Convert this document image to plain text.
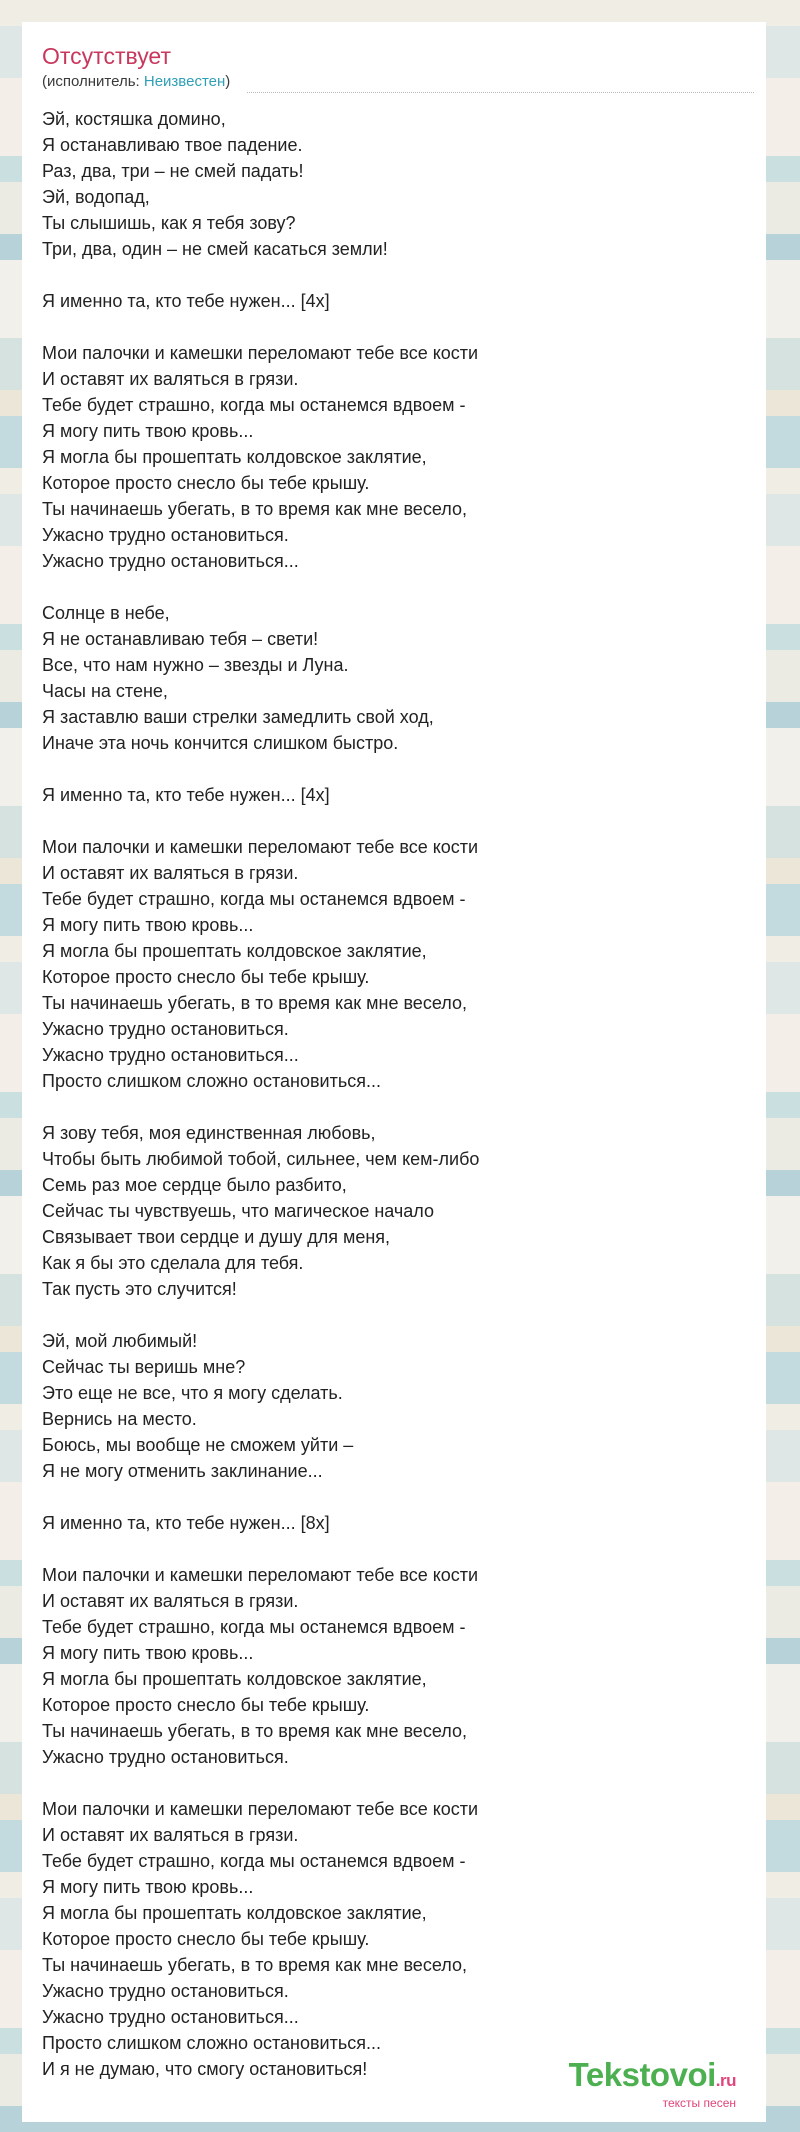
Отсутствует
(исполнитель: Неизвестен)
Эй, костяшка домино,
Я останавливаю твое падение.
Раз, два, три – не смей падать!
Эй, водопад,
Ты слышишь, как я тебя зову?
Три, два, один – не смей касаться земли!
Я именно та, кто тебе нужен... [4x]
Мои палочки и камешки переломают тебе все кости
И оставят их валяться в грязи.
Тебе будет страшно, когда мы останемся вдвоем -
Я могу пить твою кровь...
Я могла бы прошептать колдовское заклятие,
Которое просто снесло бы тебе крышу.
Ты начинаешь убегать, в то время как мне весело,
Ужасно трудно остановиться.
Ужасно трудно остановиться...
Солнце в небе,
Я не останавливаю тебя – свети!
Все, что нам нужно – звезды и Луна.
Часы на стене,
Я заставлю ваши стрелки замедлить свой ход,
Иначе эта ночь кончится слишком быстро.
Я именно та, кто тебе нужен... [4x]
Мои палочки и камешки переломают тебе все кости
И оставят их валяться в грязи.
Тебе будет страшно, когда мы останемся вдвоем -
Я могу пить твою кровь...
Я могла бы прошептать колдовское заклятие,
Которое просто снесло бы тебе крышу.
Ты начинаешь убегать, в то время как мне весело,
Ужасно трудно остановиться.
Ужасно трудно остановиться...
Просто слишком сложно остановиться...
Я зову тебя, моя единственная любовь,
Чтобы быть любимой тобой, сильнее, чем кем-либо
Семь раз мое сердце было разбито,
Сейчас ты чувствуешь, что магическое начало
Связывает твои сердце и душу для меня,
Как я бы это сделала для тебя.
Так пусть это случится!
Эй, мой любимый!
Сейчас ты веришь мне?
Это еще не все, что я могу сделать.
Вернись на место.
Боюсь, мы вообще не сможем уйти –
Я не могу отменить заклинание...
Я именно та, кто тебе нужен... [8x]
Мои палочки и камешки переломают тебе все кости
И оставят их валяться в грязи.
Тебе будет страшно, когда мы останемся вдвоем -
Я могу пить твою кровь...
Я могла бы прошептать колдовское заклятие,
Которое просто снесло бы тебе крышу.
Ты начинаешь убегать, в то время как мне весело,
Ужасно трудно остановиться.
Мои палочки и камешки переломают тебе все кости
И оставят их валяться в грязи.
Тебе будет страшно, когда мы останемся вдвоем -
Я могу пить твою кровь...
Я могла бы прошептать колдовское заклятие,
Которое просто снесло бы тебе крышу.
Ты начинаешь убегать, в то время как мне весело,
Ужасно трудно остановиться.
Ужасно трудно остановиться...
Просто слишком сложно остановиться...
И я не думаю, что смогу остановиться!	Tekstovoi.ru
тексты песен
